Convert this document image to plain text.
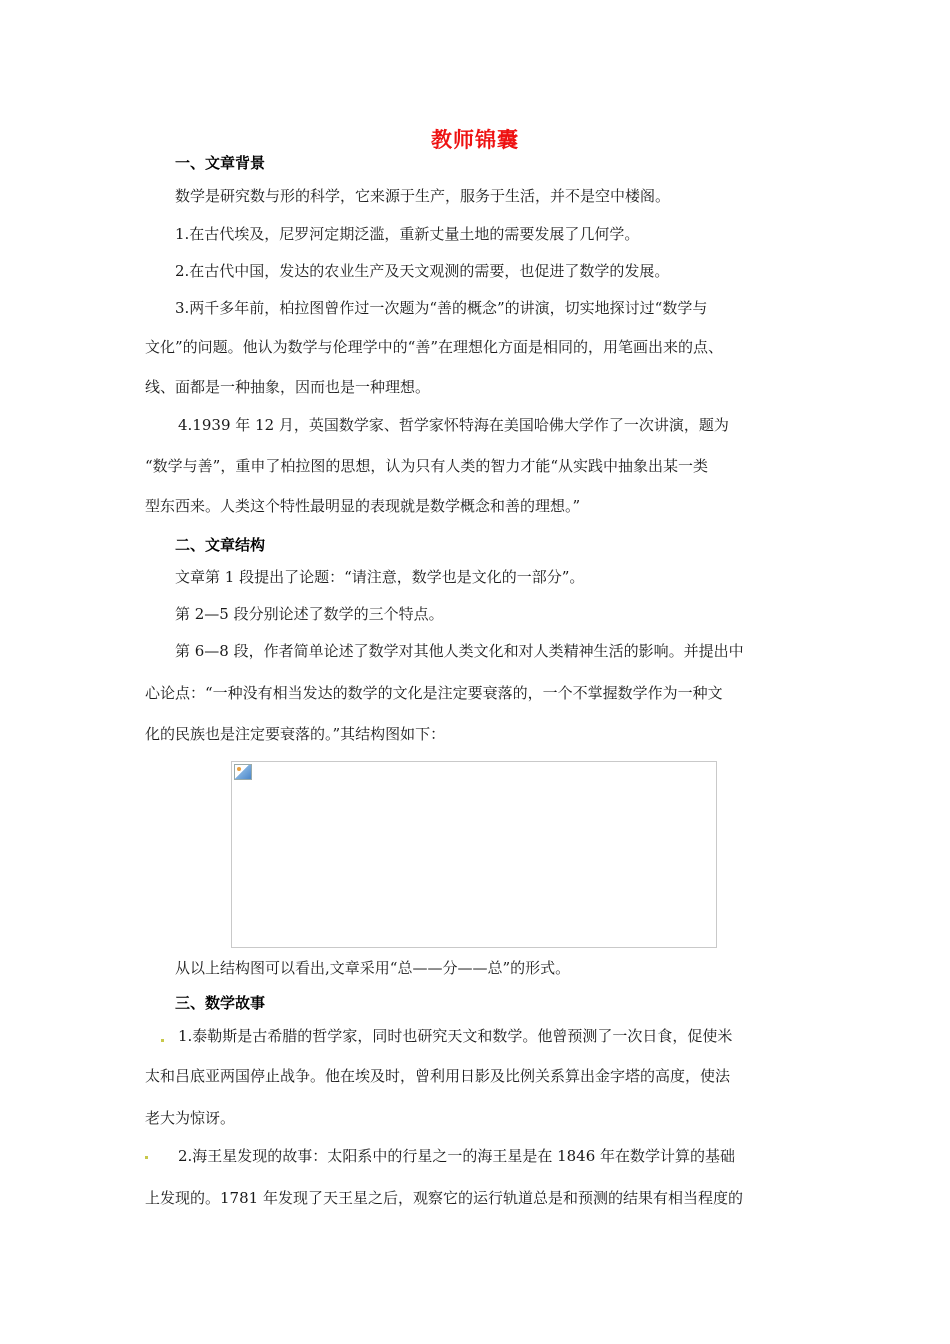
教师锦囊
一、文章背景
数学是研究数与形的科学，它来源于生产，服务于生活，并不是空中楼阁。
1.在古代埃及，尼罗河定期泛滥，重新丈量土地的需要发展了几何学。
2.在古代中国，发达的农业生产及天文观测的需要，也促进了数学的发展。
3.两千多年前，柏拉图曾作过一次题为“善的概念”的讲演，切实地探讨过“数学与
文化”的问题。他认为数学与伦理学中的“善”在理想化方面是相同的，用笔画出来的点、
线、面都是一种抽象，因而也是一种理想。
4.1939 年 12 月，英国数学家、哲学家怀特海在美国哈佛大学作了一次讲演，题为
“数学与善”，重申了柏拉图的思想，认为只有人类的智力才能“从实践中抽象出某一类
型东西来。人类这个特性最明显的表现就是数学概念和善的理想。”
二、文章结构
文章第 1 段提出了论题：“请注意，数学也是文化的一部分”。
第 2—5 段分别论述了数学的三个特点。
第 6—8 段，作者简单论述了数学对其他人类文化和对人类精神生活的影响。并提出中
心论点：“一种没有相当发达的数学的文化是注定要衰落的，一个不掌握数学作为一种文
化的民族也是注定要衰落的。”其结构图如下：
从以上结构图可以看出,文章采用“总——分——总”的形式。
三、数学故事
1.泰勒斯是古希腊的哲学家，同时也研究天文和数学。他曾预测了一次日食，促使米
太和吕底亚两国停止战争。他在埃及时，曾利用日影及比例关系算出金字塔的高度，使法
老大为惊讶。
2.海王星发现的故事：太阳系中的行星之一的海王星是在 1846 年在数学计算的基础
上发现的。1781 年发现了天王星之后，观察它的运行轨道总是和预测的结果有相当程度的
